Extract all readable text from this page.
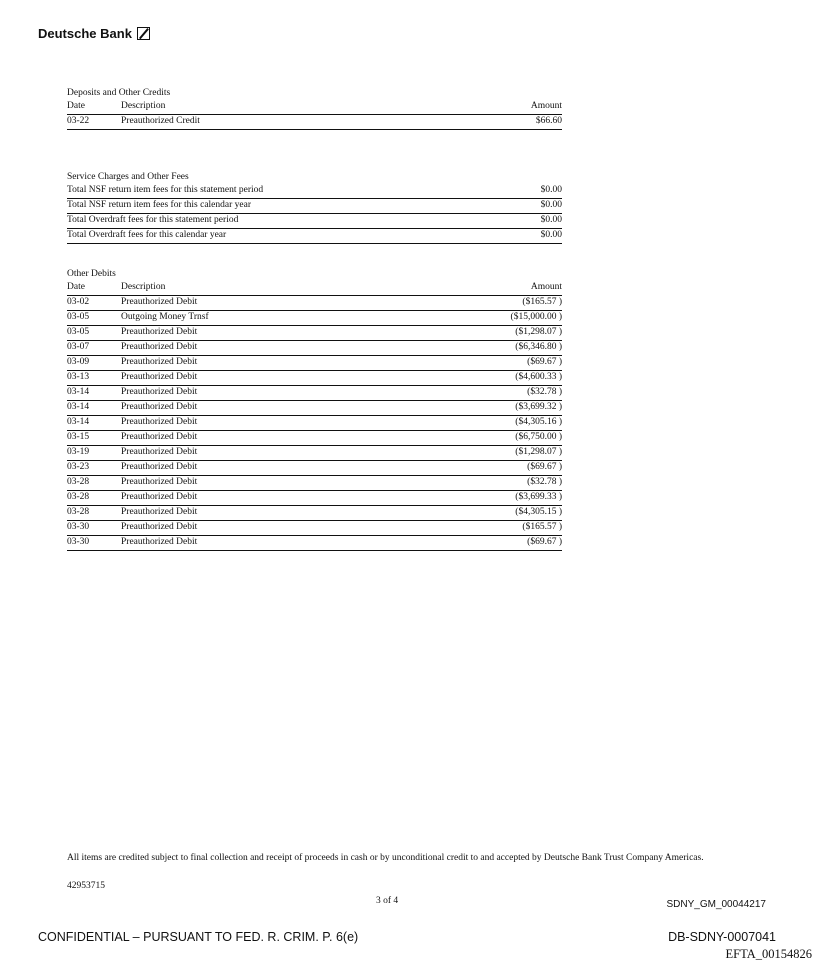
Deutsche Bank
Deposits and Other Credits
Date	Description	Amount
03-22	Preauthorized Credit	$66.60
Service Charges and Other Fees
Total NSF return item fees for this statement period	$0.00
Total NSF return item fees for this calendar year	$0.00
Total Overdraft fees for this statement period	$0.00
Total Overdraft fees for this calendar year	$0.00
Other Debits
Date	Description	Amount
03-02	Preauthorized Debit	($165.57 )
03-05	Outgoing Money Trnsf	($15,000.00 )
03-05	Preauthorized Debit	($1,298.07 )
03-07	Preauthorized Debit	($6,346.80 )
03-09	Preauthorized Debit	($69.67 )
03-13	Preauthorized Debit	($4,600.33 )
03-14	Preauthorized Debit	($32.78 )
03-14	Preauthorized Debit	($3,699.32 )
03-14	Preauthorized Debit	($4,305.16 )
03-15	Preauthorized Debit	($6,750.00 )
03-19	Preauthorized Debit	($1,298.07 )
03-23	Preauthorized Debit	($69.67 )
03-28	Preauthorized Debit	($32.78 )
03-28	Preauthorized Debit	($3,699.33 )
03-28	Preauthorized Debit	($4,305.15 )
03-30	Preauthorized Debit	($165.57 )
03-30	Preauthorized Debit	($69.67 )
All items are credited subject to final collection and receipt of proceeds in cash or by unconditional credit to and accepted by Deutsche Bank Trust Company Americas.
42953715
3 of 4	SDNY_GM_00044217
CONFIDENTIAL – PURSUANT TO FED. R. CRIM. P. 6(e)	DB-SDNY-0007041
EFTA_00154826
